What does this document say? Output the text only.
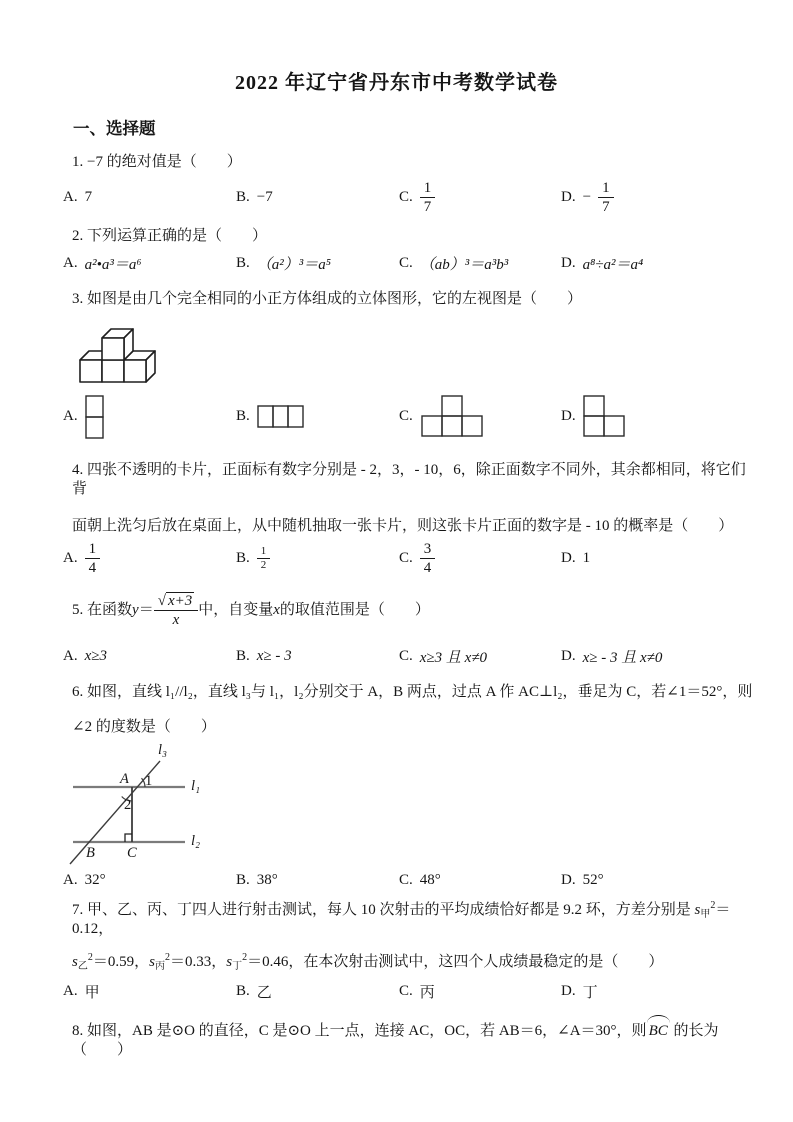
2022 年辽宁省丹东市中考数学试卷
一、选择题
1. −7 的绝对值是（　　）
A. 7	B. −7	C. $\frac{1}{7}$	D. − $\frac{1}{7}$
2. 下列运算正确的是（　　）
A. a²•a³＝a⁶	B. （a²）³＝a⁵	C. （ab）³＝a³b³	D. a⁸÷a²＝a⁴
3. 如图是由几个完全相同的小正方体组成的立体图形，它的左视图是（　　）
A.	B.	C.	D.
4. 四张不透明的卡片，正面标有数字分别是 - 2，3，- 10，6，除正面数字不同外，其余都相同，将它们背
面朝上洗匀后放在桌面上，从中随机抽取一张卡片，则这张卡片正面的数字是 - 10 的概率是（　　）
A. $\frac{1}{4}$	B. $\frac{1}{2}$	C. $\frac{3}{4}$	D. 1
5. 在函数 $y = \frac{√ x+3}{x}$ 中，自变量 x 的取值范围是（　　）
A. x≥3	B. x≥ - 3	C. x≥3 且 x≠0	D. x≥ - 3 且 x≠0
6. 如图，直线 l₁//l₂，直线 l₃与 l₁，l₂分别交于 A，B 两点，过点 A 作 AC⊥l₂，垂足为 C，若∠1＝52°，则
∠2 的度数是（　　）
l₃
l₁
l₂
A 1
2
B C
A. 32°	B. 38°	C. 48°	D. 52°
7. 甲、乙、丙、丁四人进行射击测试，每人 10 次射击的平均成绩恰好都是 9.2 环，方差分别是 $s_甲^2=0.12$，
$s_乙^2=0.59$，$s_丙^2=0.33$，$s_丁^2=0.46$，在本次射击测试中，这四个人成绩最稳定的是（　　）
A. 甲	B. 乙	C. 丙	D. 丁
8. 如图，AB 是⊙O 的直径，C 是⊙O 上一点，连接 AC，OC，若 AB＝6，∠A＝30°，则 BC 的长为（　　）
